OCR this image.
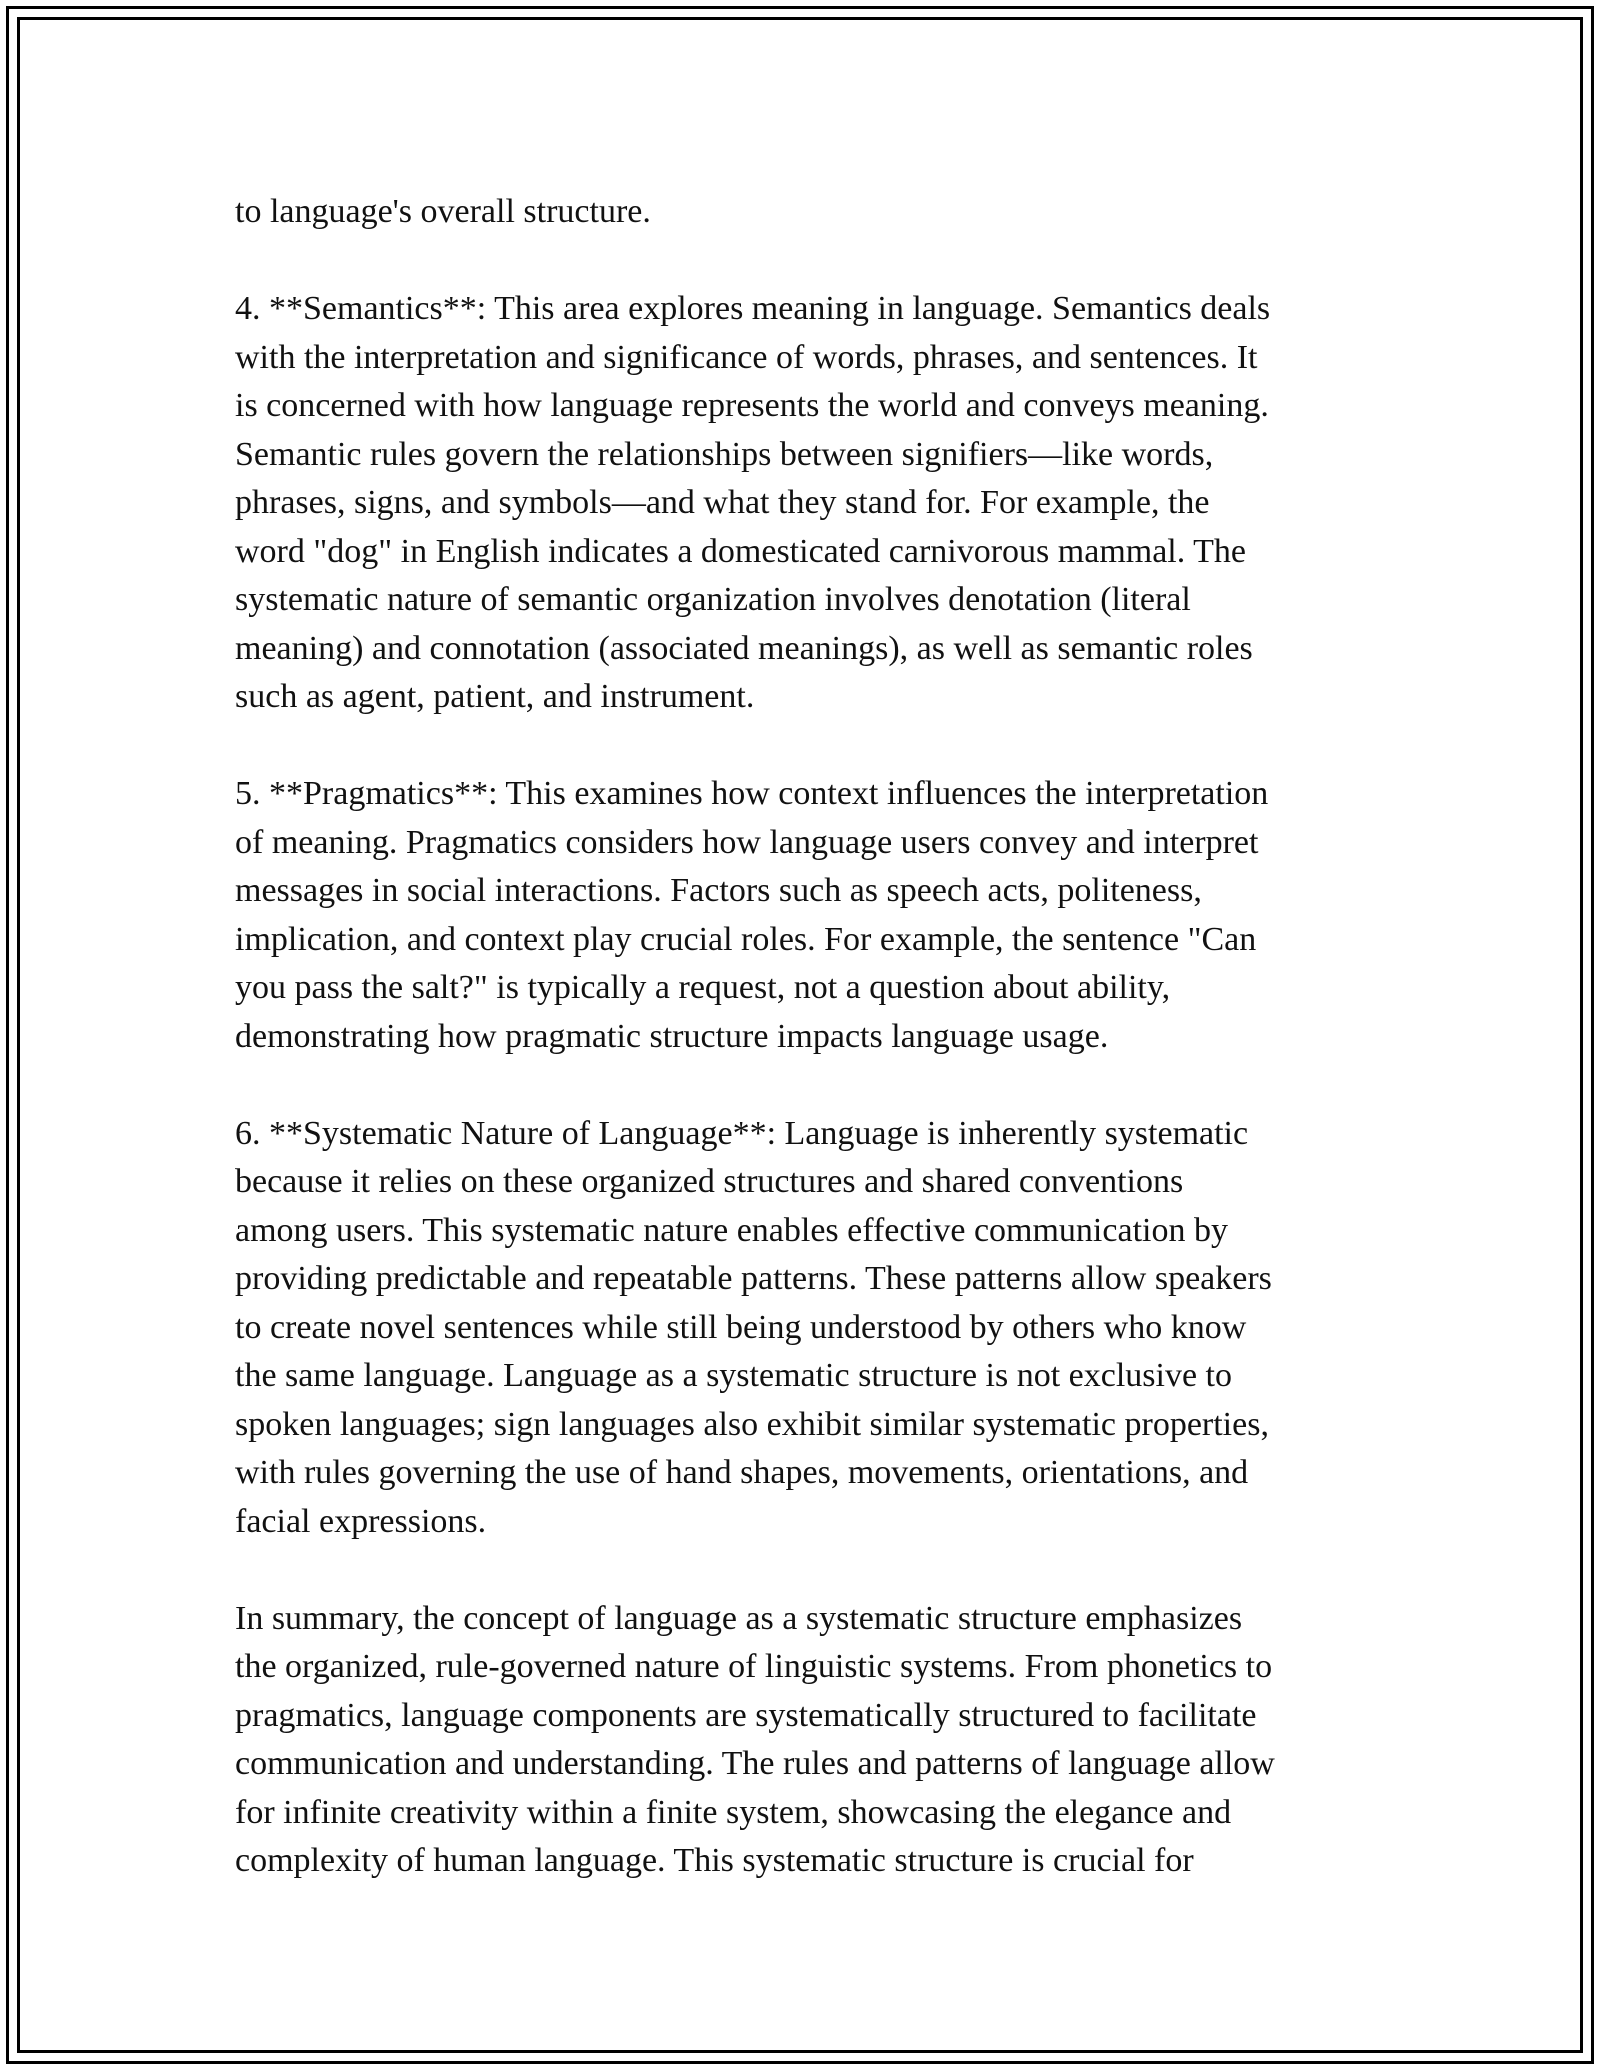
to language's overall structure.

4. **Semantics**: This area explores meaning in language. Semantics deals
with the interpretation and significance of words, phrases, and sentences. It
is concerned with how language represents the world and conveys meaning.
Semantic rules govern the relationships between signifiers—like words,
phrases, signs, and symbols—and what they stand for. For example, the
word "dog" in English indicates a domesticated carnivorous mammal. The
systematic nature of semantic organization involves denotation (literal
meaning) and connotation (associated meanings), as well as semantic roles
such as agent, patient, and instrument.

5. **Pragmatics**: This examines how context influences the interpretation
of meaning. Pragmatics considers how language users convey and interpret
messages in social interactions. Factors such as speech acts, politeness,
implication, and context play crucial roles. For example, the sentence "Can
you pass the salt?" is typically a request, not a question about ability,
demonstrating how pragmatic structure impacts language usage.

6. **Systematic Nature of Language**: Language is inherently systematic
because it relies on these organized structures and shared conventions
among users. This systematic nature enables effective communication by
providing predictable and repeatable patterns. These patterns allow speakers
to create novel sentences while still being understood by others who know
the same language. Language as a systematic structure is not exclusive to
spoken languages; sign languages also exhibit similar systematic properties,
with rules governing the use of hand shapes, movements, orientations, and
facial expressions.

In summary, the concept of language as a systematic structure emphasizes
the organized, rule-governed nature of linguistic systems. From phonetics to
pragmatics, language components are systematically structured to facilitate
communication and understanding. The rules and patterns of language allow
for infinite creativity within a finite system, showcasing the elegance and
complexity of human language. This systematic structure is crucial for
